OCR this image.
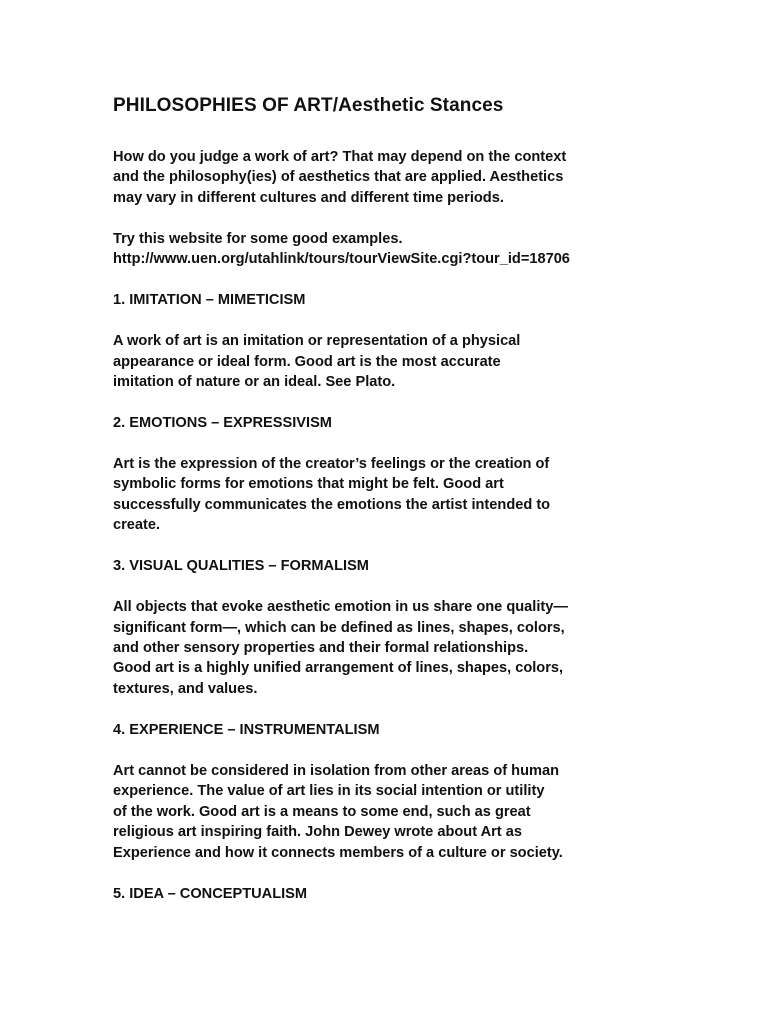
PHILOSOPHIES OF ART/Aesthetic Stances
How do you judge a work of art? That may depend on the context
and the philosophy(ies) of aesthetics that are applied. Aesthetics
may vary in different cultures and different time periods.
Try this website for some good examples.
http://www.uen.org/utahlink/tours/tourViewSite.cgi?tour_id=18706
1. IMITATION – MIMETICISM
A work of art is an imitation or representation of a physical
appearance or ideal form. Good art is the most accurate
imitation of nature or an ideal. See Plato.
2. EMOTIONS – EXPRESSIVISM
Art is the expression of the creator’s feelings or the creation of
symbolic forms for emotions that might be felt. Good art
successfully communicates the emotions the artist intended to
create.
3. VISUAL QUALITIES – FORMALISM
All objects that evoke aesthetic emotion in us share one quality—
significant form—, which can be defined as lines, shapes, colors,
and other sensory properties and their formal relationships.
Good art is a highly unified arrangement of lines, shapes, colors,
textures, and values.
4. EXPERIENCE – INSTRUMENTALISM
Art cannot be considered in isolation from other areas of human
experience. The value of art lies in its social intention or utility
of the work. Good art is a means to some end, such as great
religious art inspiring faith. John Dewey wrote about Art as
Experience and how it connects members of a culture or society.
5. IDEA – CONCEPTUALISM
